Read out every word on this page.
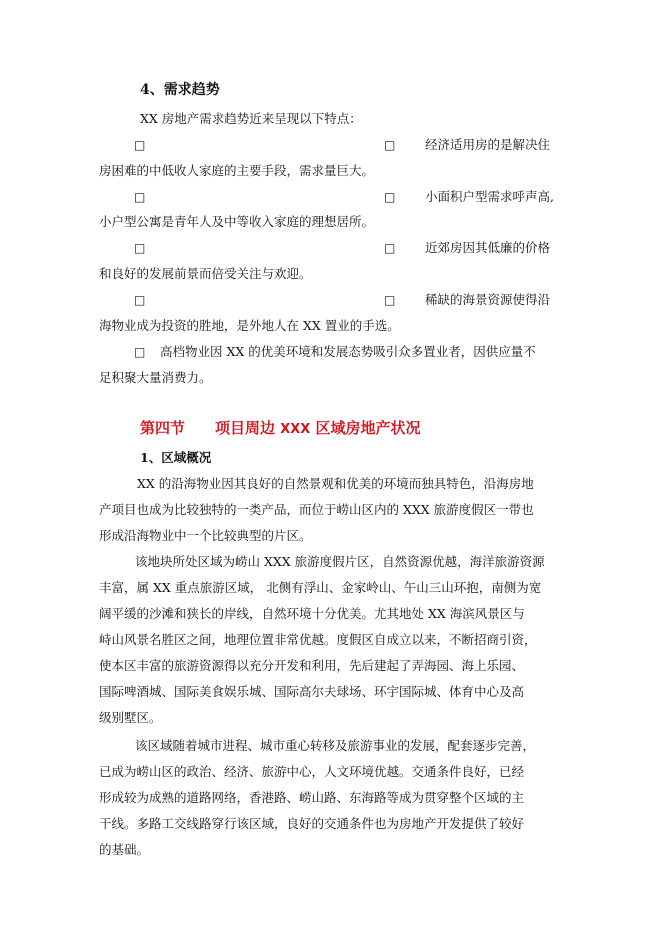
4、需求趋势
XX 房地产需求趋势近来呈现以下特点：
□	□ 经济适用房的是解决住
房困难的中低收人家庭的主要手段，需求量巨大。
□	□ 小面积户型需求呼声高,
小户型公寓是青年人及中等收入家庭的理想居所。
□	□ 近郊房因其低廉的价格
和良好的发展前景而倍受关注与欢迎。
□	□ 稀缺的海景资源使得沿
海物业成为投资的胜地，是外地人在 XX 置业的手选。
□ 高档物业因 XX 的优美环境和发展态势吸引众多置业者，因供应量不
足积聚大量消费力。
第四节 项目周边 XXX 区域房地产状况
1、区域概况
XX 的沿海物业因其良好的自然景观和优美的环境而独具特色，沿海房地
产项目也成为比较独特的一类产品，而位于崂山区内的 XXX 旅游度假区一带也
形成沿海物业中一个比较典型的片区。
该地块所处区域为崂山 XXX 旅游度假片区，自然资源优越，海洋旅游资源
丰富，属 XX 重点旅游区域， 北侧有浮山、金家岭山、午山三山环抱，南侧为宽
阔平缓的沙滩和狭长的岸线，自然环境十分优美。尤其地处 XX 海滨风景区与
峙山风景名胜区之间，地理位置非常优越。度假区自成立以来，不断招商引资，
使本区丰富的旅游资源得以充分开发和利用，先后建起了弄海园、海上乐园、
国际啤酒城、国际美食娱乐城、国际高尔夫球场、环宇国际城、体育中心及高
级别墅区。
该区域随着城市进程、城市重心转移及旅游事业的发展，配套逐步完善，
已成为崂山区的政治、经济、旅游中心，人文环境优越。交通条件良好，已经
形成较为成熟的道路网络，香港路、崂山路、东海路等成为贯穿整个区域的主
干线。多路工交线路穿行该区域，良好的交通条件也为房地产开发提供了较好
的基础。
